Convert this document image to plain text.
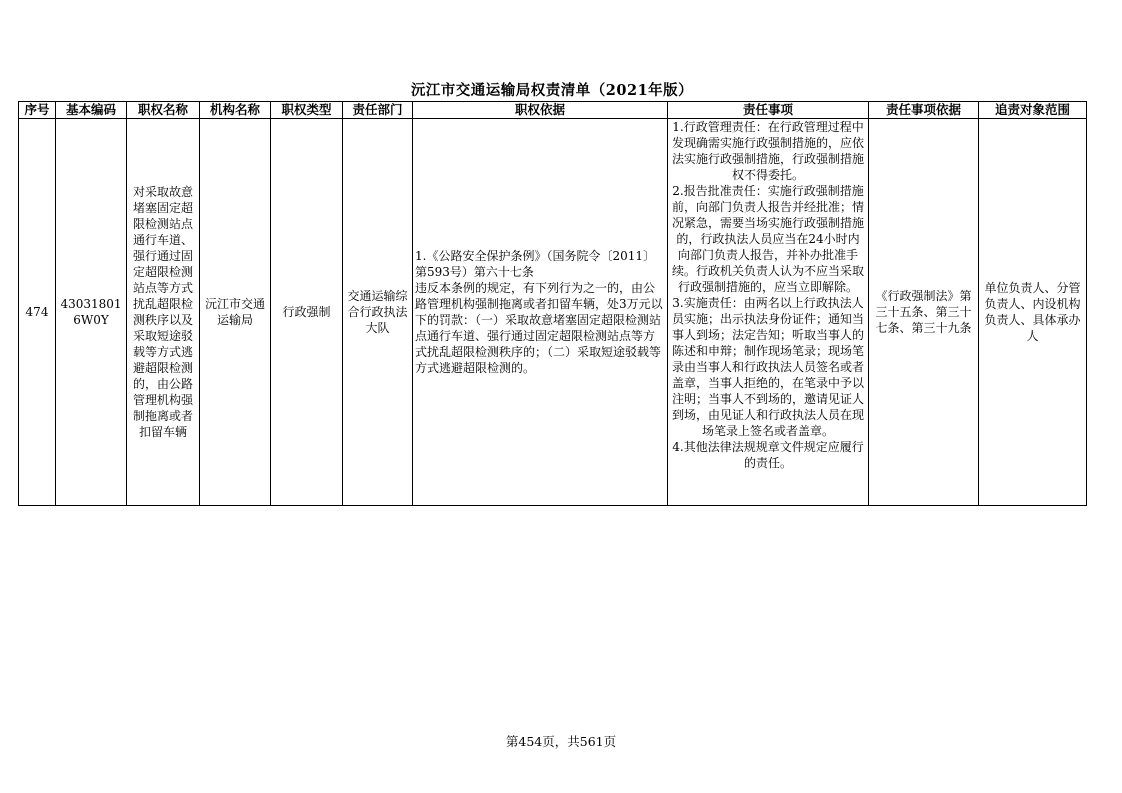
沅江市交通运输局权责清单（2021年版）
序号	基本编码	职权名称	机构名称	职权类型	责任部门	职权依据	责任事项	责任事项依据	追责对象范围
474	430318016W0Y	对采取故意堵塞固定超限检测站点通行车道、强行通过固定超限检测站点等方式扰乱超限检测秩序以及采取短途驳载等方式逃避超限检测的，由公路管理机构强制拖离或者扣留车辆	沅江市交通运输局	行政强制	交通运输综合行政执法大队	1.《公路安全保护条例》（国务院令〔2011〕第593号）第六十七条
违反本条例的规定，有下列行为之一的，由公路管理机构强制拖离或者扣留车辆，处3万元以下的罚款：（一）采取故意堵塞固定超限检测站点通行车道、强行通过固定超限检测站点等方式扰乱超限检测秩序的；（二）采取短途驳载等方式逃避超限检测的。	1.行政管理责任：在行政管理过程中发现确需实施行政强制措施的，应依法实施行政强制措施，行政强制措施权不得委托。
2.报告批准责任：实施行政强制措施前，向部门负责人报告并经批准；情况紧急，需要当场实施行政强制措施的，行政执法人员应当在24小时内向部门负责人报告，并补办批准手续。行政机关负责人认为不应当采取行政强制措施的，应当立即解除。
3.实施责任：由两名以上行政执法人员实施；出示执法身份证件；通知当事人到场；法定告知；听取当事人的陈述和申辩；制作现场笔录；现场笔录由当事人和行政执法人员签名或者盖章，当事人拒绝的，在笔录中予以注明；当事人不到场的，邀请见证人到场，由见证人和行政执法人员在现场笔录上签名或者盖章。
4.其他法律法规规章文件规定应履行的责任。	《行政强制法》第三十五条、第三十七条、第三十九条	单位负责人、分管负责人、内设机构负责人、具体承办人
第454页，共561页
